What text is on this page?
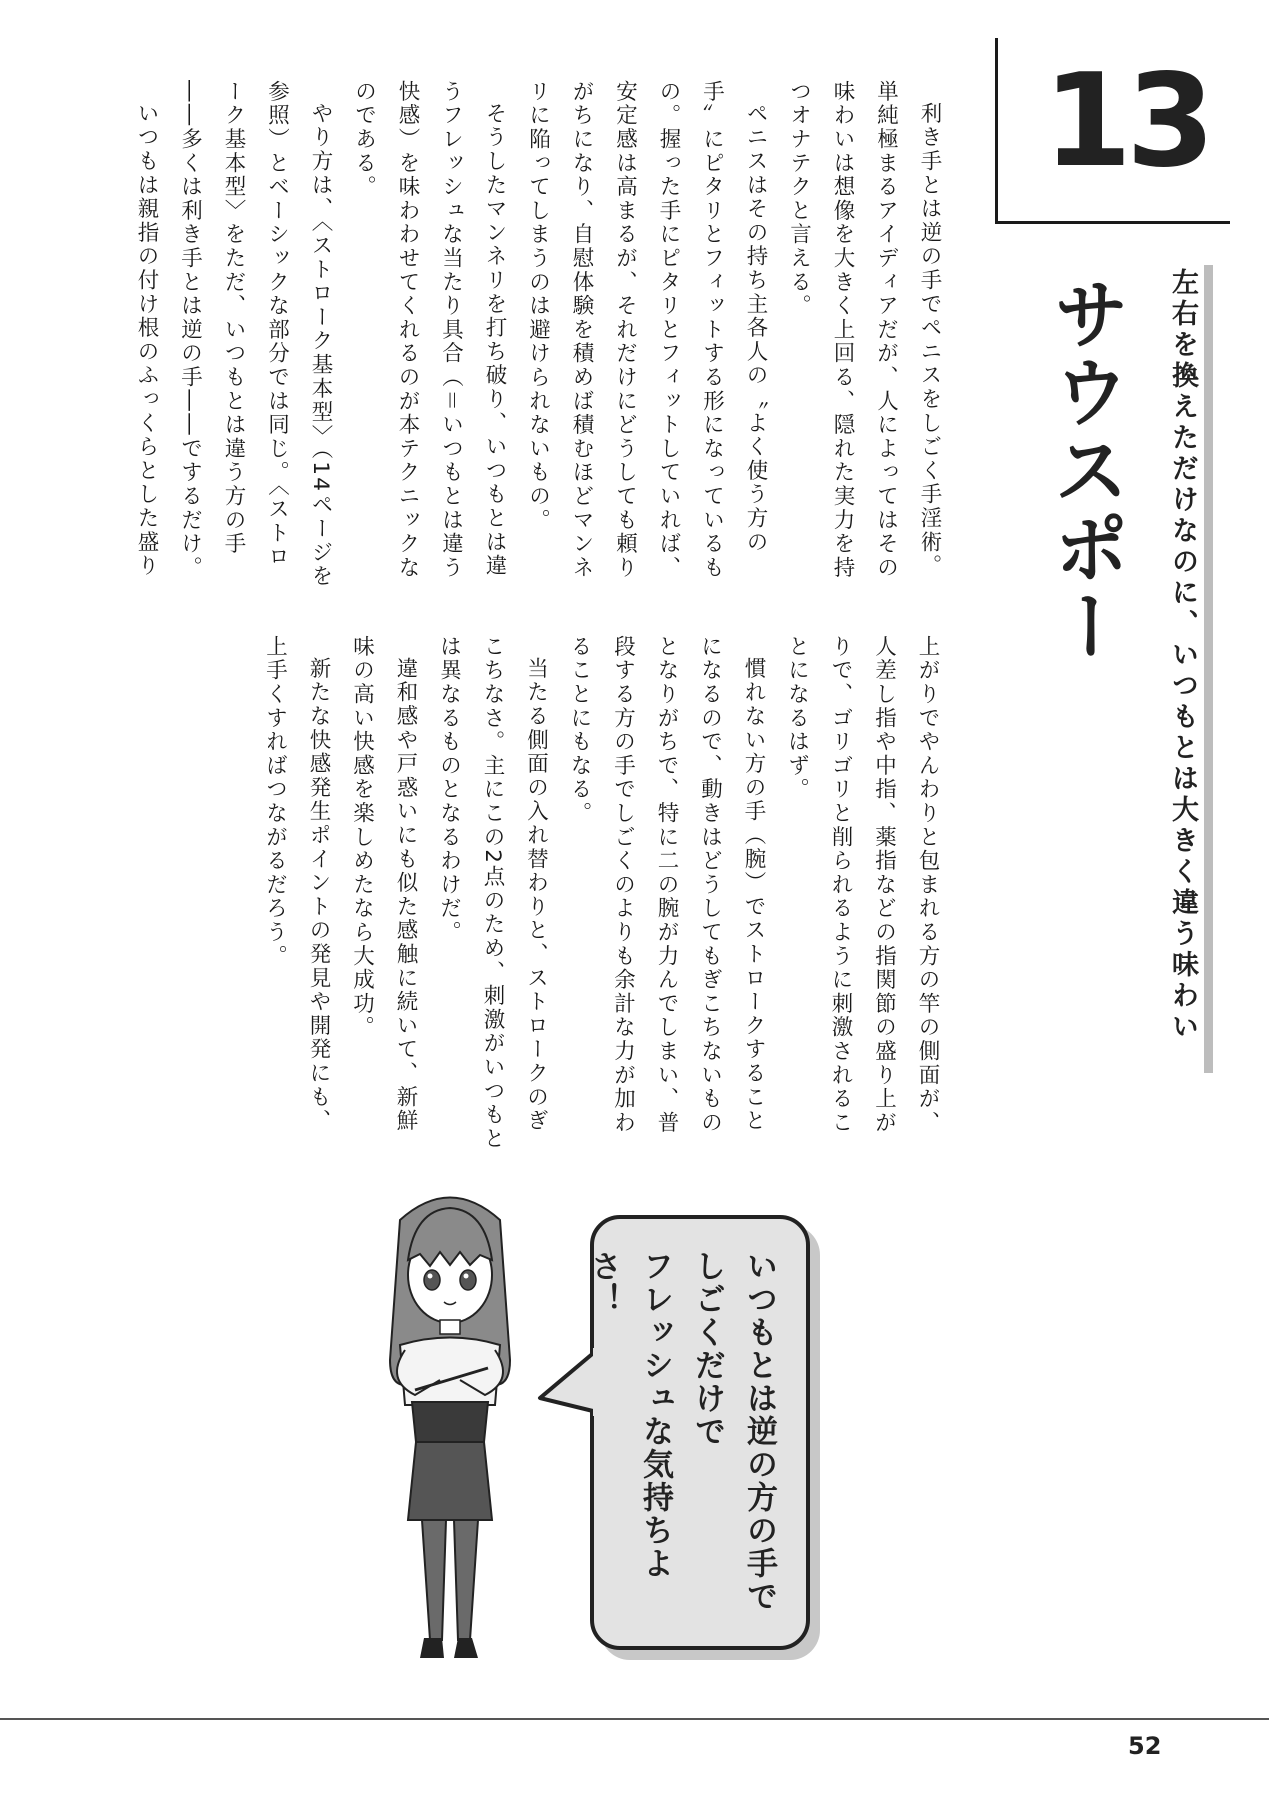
13
サウスポー	左右を換えただけなのに、いつもとは大きく違う味わい

利き手とは逆の手でペニスをしごく手淫術。単純極まるアイディアだが、人によってはその味わいは想像を大きく上回る、隠れた実力を持つオナテクと言える。

ペニスはその持ち主各人の〝よく使う方の手〟にピタリとフィットする形になっているもの。握った手にピタリとフィットしていれば、安定感は高まるが、それだけにどうしても頼りがちになり、自慰体験を積めば積むほどマンネリに陥ってしまうのは避けられないもの。

そうしたマンネリを打ち破り、いつもとは違うフレッシュな当たり具合（＝いつもとは違う快感）を味わわせてくれるのが本テクニックなのである。

やり方は、〈ストローク基本型〉（14ページを参照）とベーシックな部分では同じ。〈ストローク基本型〉をただ、いつもとは違う方の手――多くは利き手とは逆の手――でするだけ。

いつもは親指の付け根のふっくらとした盛り

上がりでやんわりと包まれる方の竿の側面が、人差し指や中指、薬指などの指関節の盛り上がりで、ゴリゴリと削られるように刺激されることになるはず。

慣れない方の手（腕）でストロークすることになるので、動きはどうしてもぎこちないものとなりがちで、特に二の腕が力んでしまい、普段する方の手でしごくのよりも余計な力が加わることにもなる。

当たる側面の入れ替わりと、ストロークのぎこちなさ。主にこの2点のため、刺激がいつもとは異なるものとなるわけだ。

違和感や戸惑いにも似た感触に続いて、新鮮味の高い快感を楽しめたなら大成功。

新たな快感発生ポイントの発見や開発にも、上手くすればつながるだろう。

いつもとは逆の方の手で
しごくだけで
フレッシュな気持ちよさ！
52
